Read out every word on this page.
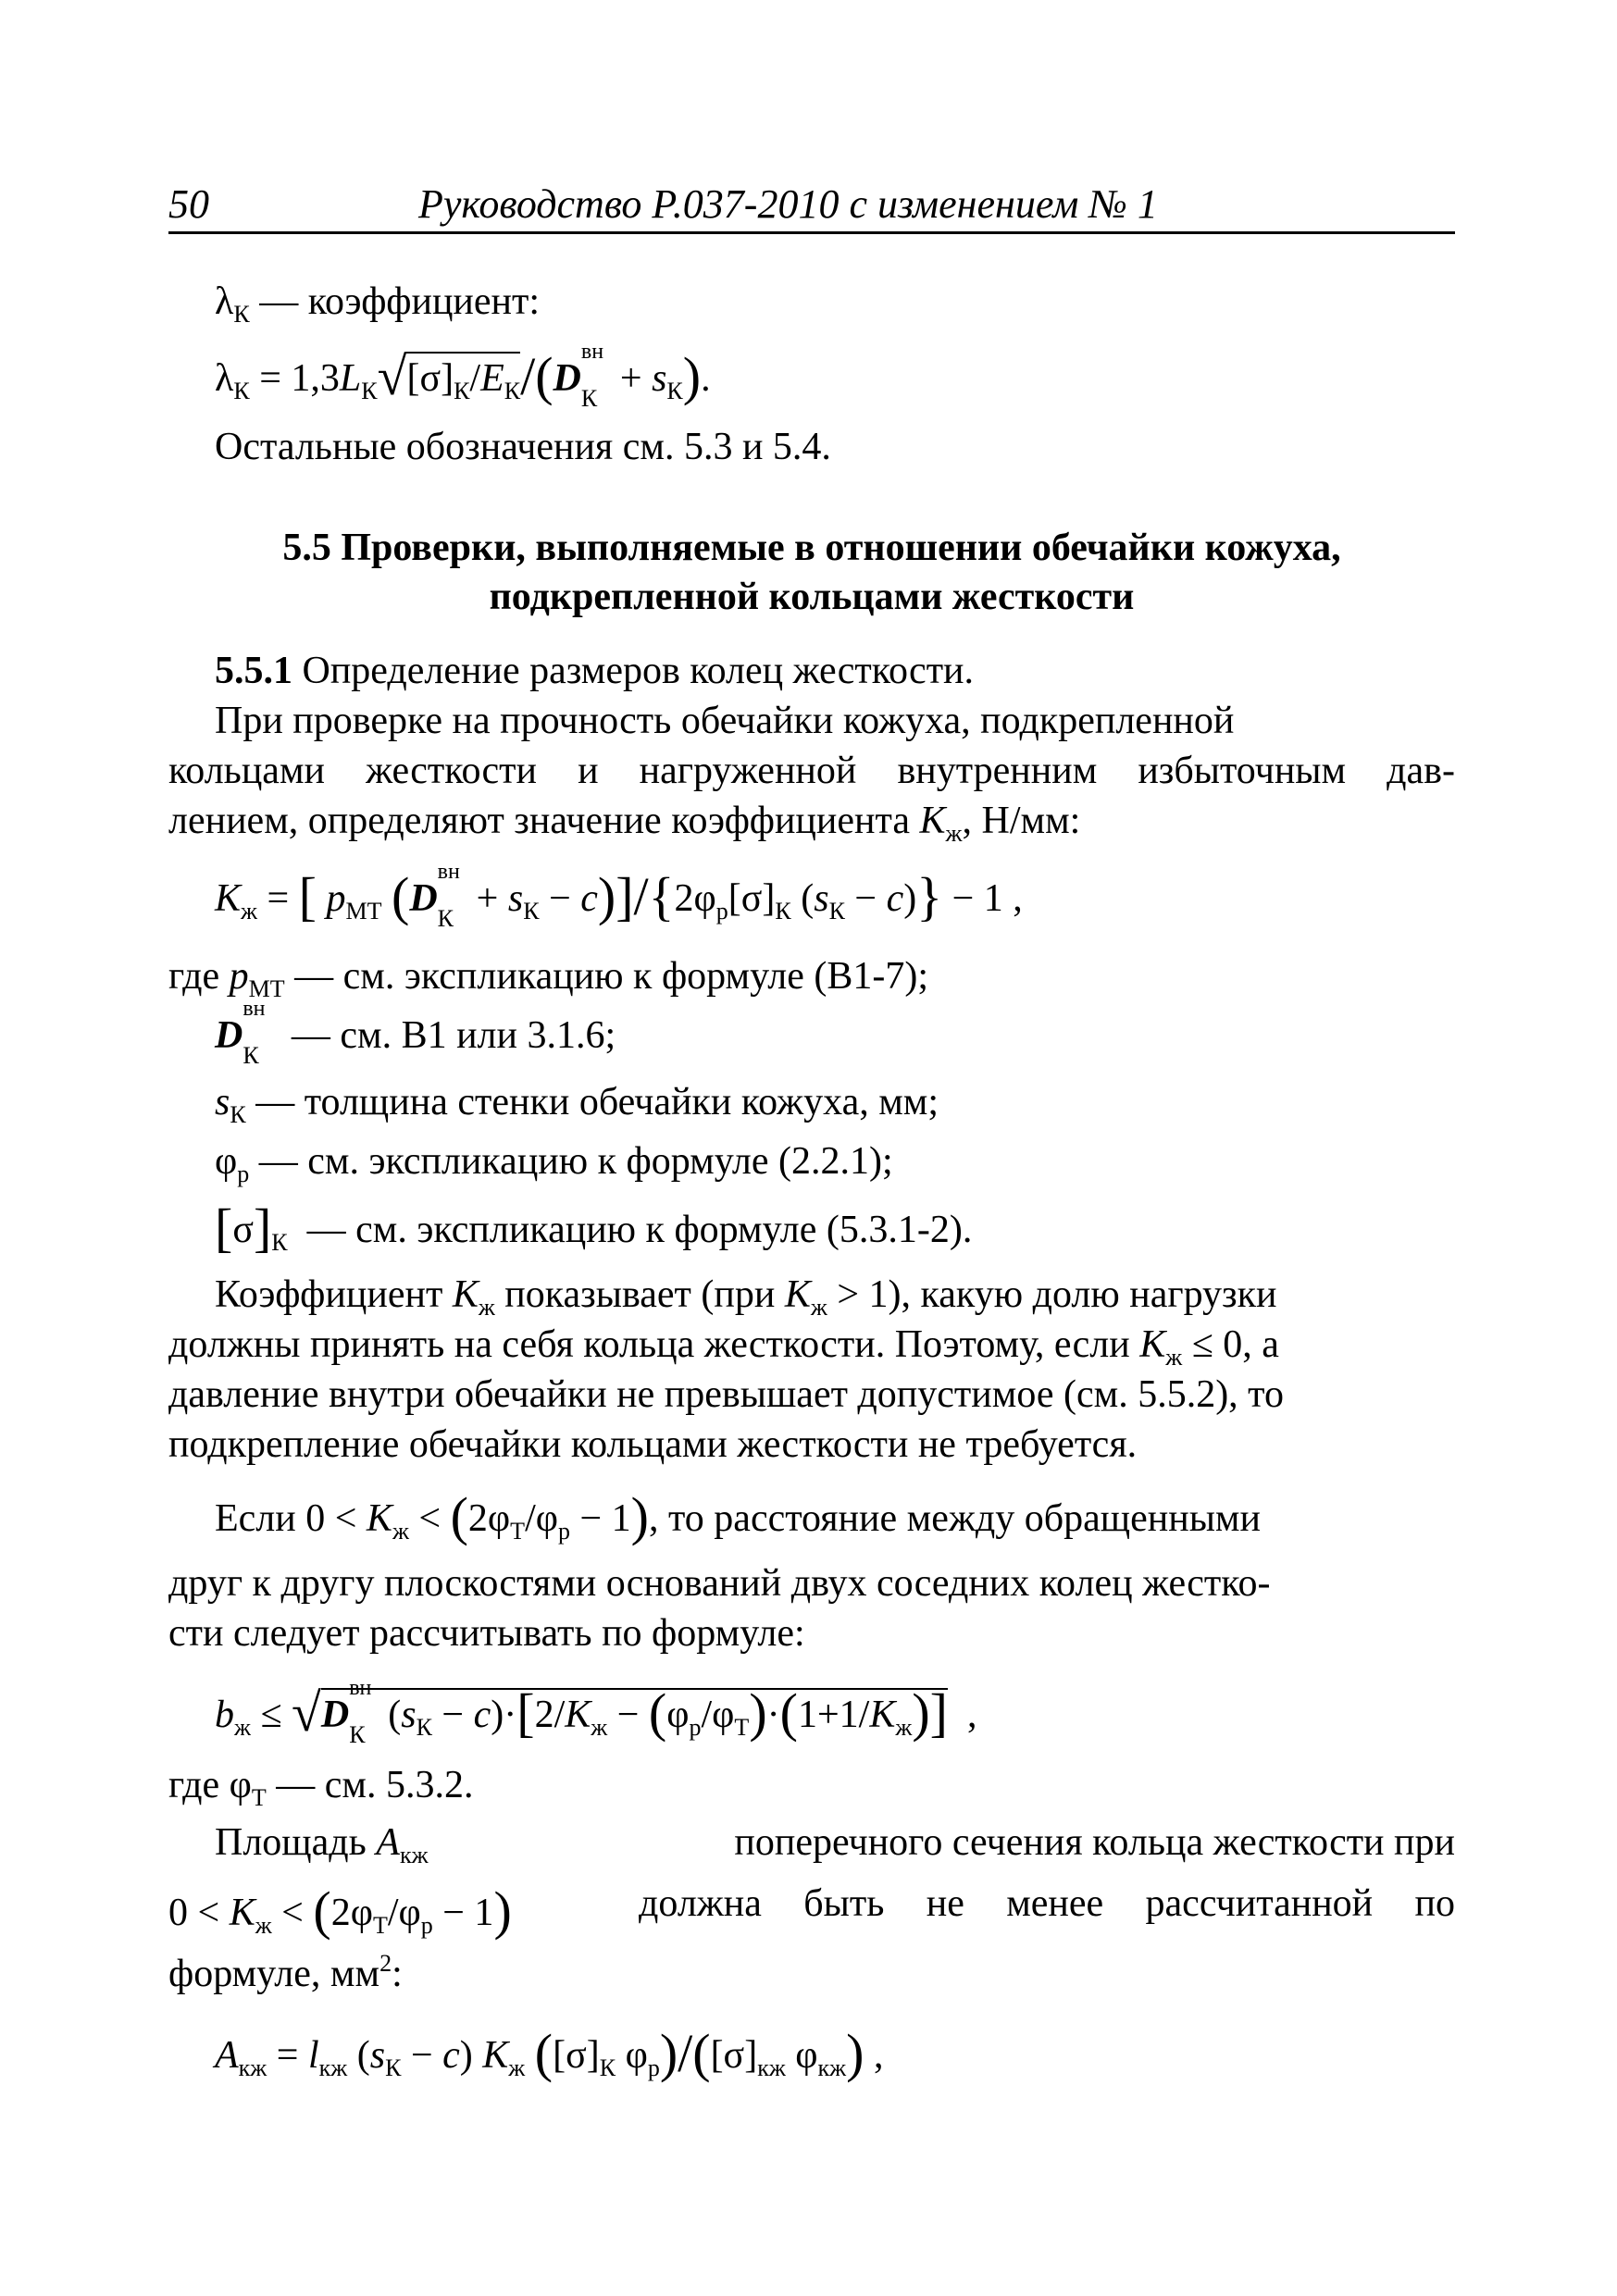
50	Руководство Р.037-2010 с изменением № 1
$\lambda_К$ — коэффициент:
$\lambda_К = 1,3L_К√[\sigma]_К/E_К/(D$
вн
$К + s_К$).
Остальные обозначения см. 5.3 и 5.4.
5.5 Проверки, выполняемые в отношении обечайки кожуха,
подкрепленной кольцами жесткости
5.5.1 Определение размеров колец жесткости.
При проверке на прочность обечайки кожуха, подкрепленной
кольцами жесткости и нагруженной внутренним избыточным дав-
лением, определяют значение коэффициента $K_ж$, Н/мм:
$K_ж$ = [ $p_{МТ}$ (D
вн
$К + s_К - c)]/\{2\varphi_р[\sigma]_К$ $(s_К - c)\} - 1$ ,
где $p_{МТ}$ — см. экспликацию к формуле (В1-7);
D
вн
К — см. В1 или 3.1.6;
$s_К$ — толщина стенки обечайки кожуха, мм;
$\varphi_р$ — см. экспликацию к формуле (2.2.1);
$[\sigma]_К$ — см. экспликацию к формуле (5.3.1-2).
Коэффициент $K_ж$ показывает (при $K_ж > 1$), какую долю нагрузки
должны принять на себя кольца жесткости. Поэтому, если $K_ж \le 0$, а
давление внутри обечайки не превышает допустимое (см. 5.5.2), то
подкрепление обечайки кольцами жесткости не требуется.
Если $0 < K_ж < (2\varphi_Т/\varphi_р - 1)$, то расстояние между обращенными
друг к другу плоскостями оснований двух соседних колец жестко-
сти следует рассчитывать по формуле:
$b_ж \le √D$
вн
К $(s_К - c)\cdot[2/K_ж - (\varphi_р/\varphi_Т)\cdot(1+1/K_ж)]$  ,
где $\varphi_Т$ — см. 5.3.2.
Площадь $A_{кж}$	поперечного сечения кольца жесткости при
$0 < K_ж < (2\varphi_Т/\varphi_р - 1)$	должна быть не менее рассчитанной по
формуле, $мм^2$:
$A_{кж} = l_{кж}$ $(s_К - c)$ $K_ж$ ($[\sigma]_К$ $\varphi_р)/([\sigma]_{кж}$ $\varphi_{кж}$) ,
